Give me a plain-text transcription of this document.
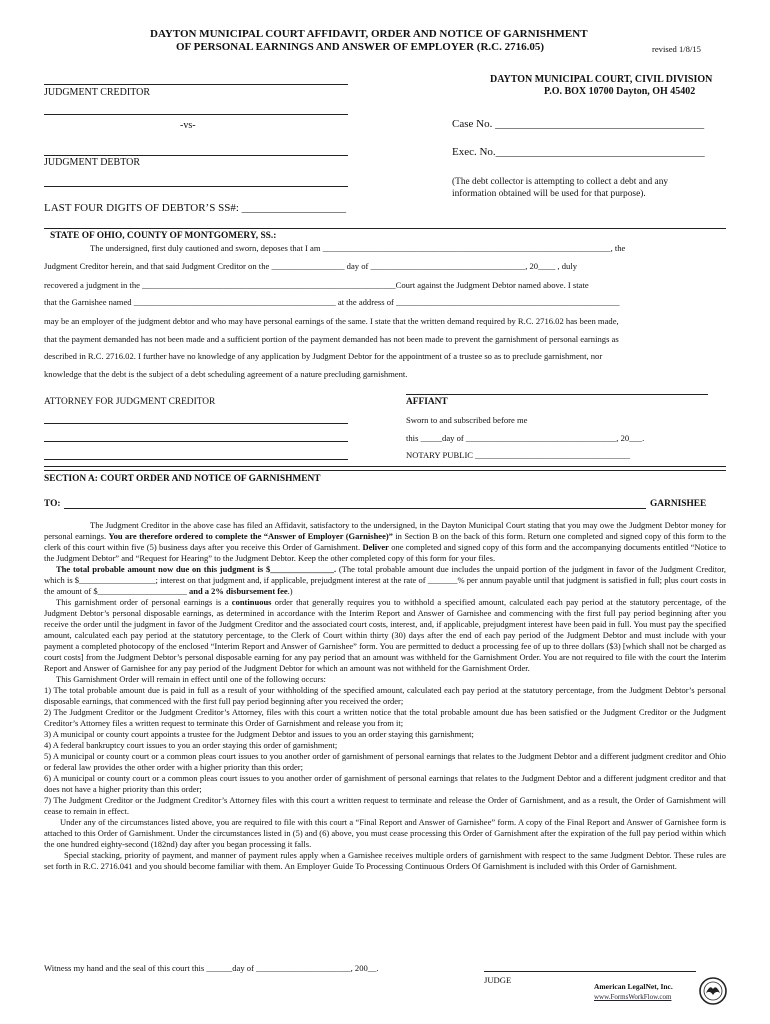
DAYTON MUNICIPAL COURT AFFIDAVIT, ORDER AND NOTICE OF GARNISHMENT
OF PERSONAL EARNINGS AND ANSWER OF EMPLOYER (R.C. 2716.05)	revised 1/8/15
JUDGMENT CREDITOR
DAYTON MUNICIPAL COURT, CIVIL DIVISION
P.O. BOX 10700 Dayton, OH 45402
-vs-	Case No. ______________________________________
Exec. No.______________________________________
JUDGMENT DEBTOR
(The debt collector is attempting to collect a debt and any
information obtained will be used for that purpose).
LAST FOUR DIGITS OF DEBTOR’S SS#: ___________________
STATE OF OHIO, COUNTY OF MONTGOMERY, SS.:
The undersigned, first duly cautioned and sworn, deposes that I am ___________________________________________________________________, the
Judgment Creditor herein, and that said Judgment Creditor on the _________________ day of ____________________________________, 20____ , duly
recovered a judgment in the ___________________________________________________________Court against the Judgment Debtor named above. I state
that the Garnishee named _______________________________________________ at the address of ____________________________________________________
may be an employer of the judgment debtor and who may have personal earnings of the same. I state that the written demand required by R.C. 2716.02 has been made,
that the payment demanded has not been made and a sufficient portion of the payment demanded has not been made to prevent the garnishment of personal earnings as
described in R.C. 2716.02. I further have no knowledge of any application by Judgment Debtor for the appointment of a trustee so as to preclude garnishment, nor
knowledge that the debt is the subject of a debt scheduling agreement of a nature precluding garnishment.
ATTORNEY FOR JUDGMENT CREDITOR	AFFIANT
Sworn to and subscribed before me
this _____day of ___________________________________, 20___.
NOTARY PUBLIC ____________________________________
SECTION A: COURT ORDER AND NOTICE OF GARNISHMENT
TO:	GARNISHEE

The Judgment Creditor in the above case has filed an Affidavit, satisfactory to the undersigned, in the Dayton Municipal Court stating that you may owe the Judgment Debtor money for personal earnings. You are therefore ordered to complete the “Answer of Employer (Garnishee)” in Section B on the back of this form. Return one completed and signed copy of this form to the clerk of this court within five (5) business days after you receive this Order of Garnishment. Deliver one completed and signed copy of this form and the accompanying documents entitled “Notice to the Judgment Debtor” and “Request for Hearing” to the Judgment Debtor. Keep the other completed copy of this form for your files.

The total probable amount now due on this judgment is $_______________. (The total probable amount due includes the unpaid portion of the judgment in favor of the Judgment Creditor, which is $__________________; interest on that judgment and, if applicable, prejudgment interest at the rate of _______% per annum payable until that judgment is satisfied in full; plus court costs in the amount of $_____________________ and a 2% disbursement fee.)

This garnishment order of personal earnings is a continuous order that generally requires you to withhold a specified amount, calculated each pay period at the statutory percentage, of the Judgment Debtor’s personal disposable earnings, as determined in accordance with the Interim Report and Answer of Garnishee and commencing with the first full pay period beginning after you receive the order until the judgment in favor of the Judgment Creditor and the associated court costs, interest, and, if applicable, prejudgment interest have been paid in full. You must pay the specified amount, calculated each pay period at the statutory percentage, to the Clerk of Court within thirty (30) days after the end of each pay period of the Judgment Debtor and must include with your payment a completed photocopy of the enclosed “Interim Report and Answer of Garnishee” form. You are permitted to deduct a processing fee of up to three dollars ($3) [which shall not be charged as court costs] from the Judgment Debtor’s personal disposable earning for any pay period that an amount was withheld for the Garnishment Order. You are not required to file with the court the Interim Report and Answer of Garnishee for any pay period of the Judgment Debtor for which an amount was not withheld for the Garnishment Order.

This Garnishment Order will remain in effect until one of the following occurs:

1) The total probable amount due is paid in full as a result of your withholding of the specified amount, calculated each pay period at the statutory percentage, from the Judgment Debtor’s personal disposable earnings, that commenced with the first full pay period beginning after you received the order;

2) The Judgment Creditor or the Judgment Creditor’s Attorney, files with this court a written notice that the total probable amount due has been satisfied or the Judgment Creditor or the Judgment Creditor’s Attorney files a written request to terminate this Order of Garnishment and release you from it;

3) A municipal or county court appoints a trustee for the Judgment Debtor and issues to you an order staying this garnishment;

4) A federal bankruptcy court issues to you an order staying this order of garnishment;

5) A municipal or county court or a common pleas court issues to you another order of garnishment of personal earnings that relates to the Judgment Debtor and a different judgment creditor and Ohio or federal law provides the other order with a higher priority than this order;

6) A municipal or county court or a common pleas court issues to you another order of garnishment of personal earnings that relates to the Judgment Debtor and a different judgment creditor and that does not have a higher priority than this order;

7) The Judgment Creditor or the Judgment Creditor’s Attorney files with this court a written request to terminate and release the Order of Garnishment, and as a result, the Order of Garnishment will cease to remain in effect.

Under any of the circumstances listed above, you are required to file with this court a “Final Report and Answer of Garnishee” form. A copy of the Final Report and Answer of Garnishee form is attached to this Order of Garnishment. Under the circumstances listed in (5) and (6) above, you must cease processing this Order of Garnishment after the expiration of the full pay period within which the one hundred eighty-second (182nd) day after you began processing it falls.

Special stacking, priority of payment, and manner of payment rules apply when a Garnishee receives multiple orders of garnishment with respect to the same Judgment Debtor. These rules are set forth in R.C. 2716.041 and you should become familiar with them. An Employer Guide To Processing Continuous Orders Of Garnishment is included with this Order of Garnishment.

Witness my hand and the seal of this court this ______day of ______________________, 200__.
JUDGE
American LegalNet, Inc.
www.FormsWorkFlow.com
